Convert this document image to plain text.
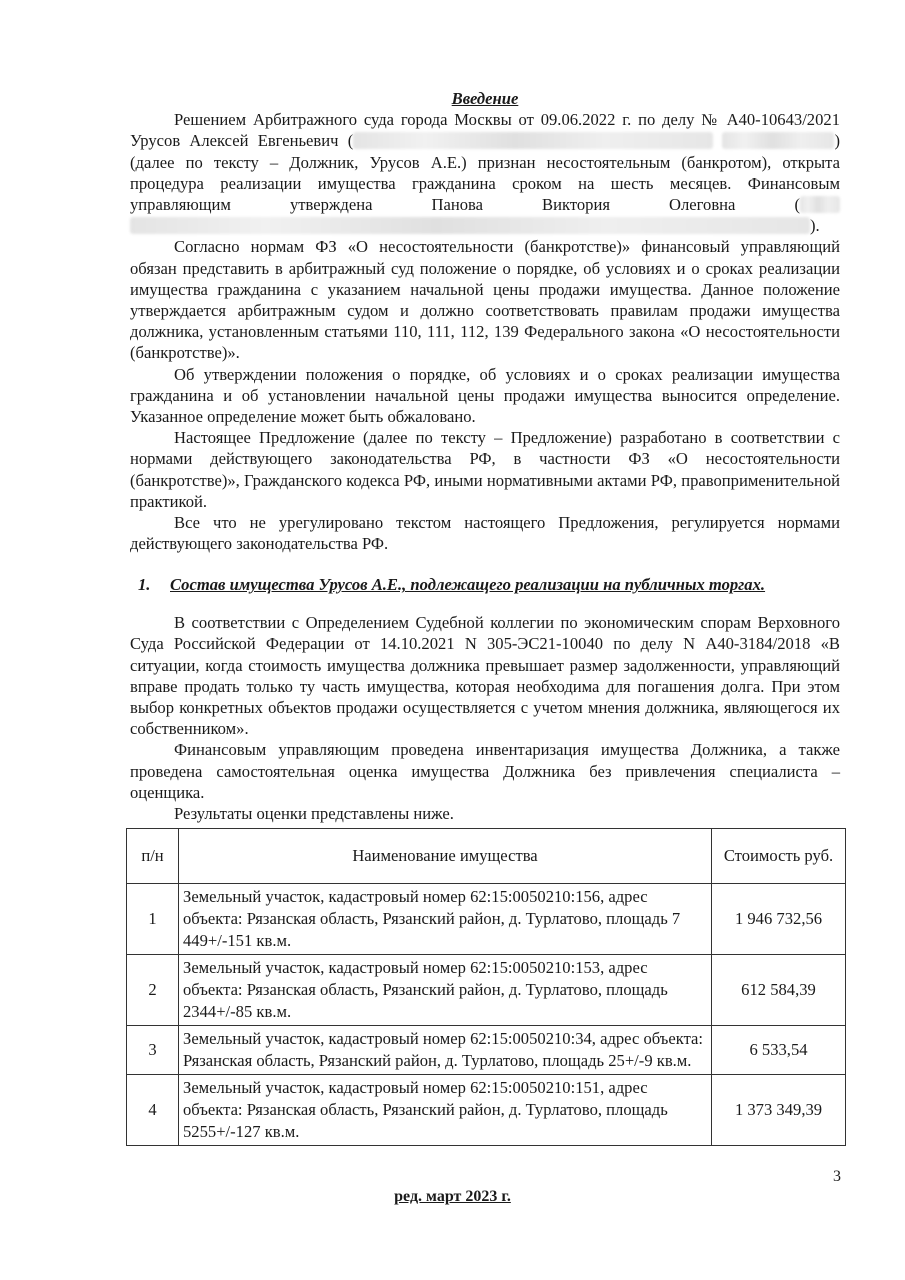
Введение

Решением Арбитражного суда города Москвы от 09.06.2022 г. по делу № А40-10643/2021 Урусов Алексей Евгеньевич (	) (далее по тексту – Должник, Урусов А.Е.) признан несостоятельным (банкротом), открыта процедура реализации имущества гражданина сроком на шесть месяцев. Финансовым управляющим утверждена Панова Виктория Олеговна ( ).

Согласно нормам ФЗ «О несостоятельности (банкротстве)» финансовый управляющий обязан представить в арбитражный суд положение о порядке, об условиях и о сроках реализации имущества гражданина с указанием начальной цены продажи имущества. Данное положение утверждается арбитражным судом и должно соответствовать правилам продажи имущества должника, установленным статьями 110, 111, 112, 139 Федерального закона «О несостоятельности (банкротстве)».

Об утверждении положения о порядке, об условиях и о сроках реализации имущества гражданина и об установлении начальной цены продажи имущества выносится определение. Указанное определение может быть обжаловано.

Настоящее Предложение (далее по тексту – Предложение) разработано в соответствии с нормами действующего законодательства РФ, в частности ФЗ «О несостоятельности (банкротстве)», Гражданского кодекса РФ, иными нормативными актами РФ, правоприменительной практикой.

Все что не урегулировано текстом настоящего Предложения, регулируется нормами действующего законодательства РФ.

1. Состав имущества Урусов А.Е., подлежащего реализации на публичных торгах.

В соответствии с Определением Судебной коллегии по экономическим спорам Верховного Суда Российской Федерации от 14.10.2021 N 305-ЭС21-10040 по делу N А40-3184/2018 «В ситуации, когда стоимость имущества должника превышает размер задолженности, управляющий вправе продать только ту часть имущества, которая необходима для погашения долга. При этом выбор конкретных объектов продажи осуществляется с учетом мнения должника, являющегося их собственником».

Финансовым управляющим проведена инвентаризация имущества Должника, а также проведена самостоятельная оценка имущества Должника без привлечения специалиста – оценщика.

Результаты оценки представлены ниже.

п/н	Наименование имущества	Стоимость руб.
1	Земельный участок, кадастровый номер 62:15:0050210:156, адрес объекта: Рязанская область, Рязанский район, д. Турлатово, площадь 7 449+/-151 кв.м.	1 946 732,56
2	Земельный участок, кадастровый номер 62:15:0050210:153, адрес объекта: Рязанская область, Рязанский район, д. Турлатово, площадь 2344+/-85 кв.м.	612 584,39
3	Земельный участок, кадастровый номер 62:15:0050210:34, адрес объекта: Рязанская область, Рязанский район, д. Турлатово, площадь 25+/-9 кв.м.	6 533,54
4	Земельный участок, кадастровый номер 62:15:0050210:151, адрес объекта: Рязанская область, Рязанский район, д. Турлатово, площадь 5255+/-127 кв.м.	1 373 349,39
3
ред. март 2023 г.
